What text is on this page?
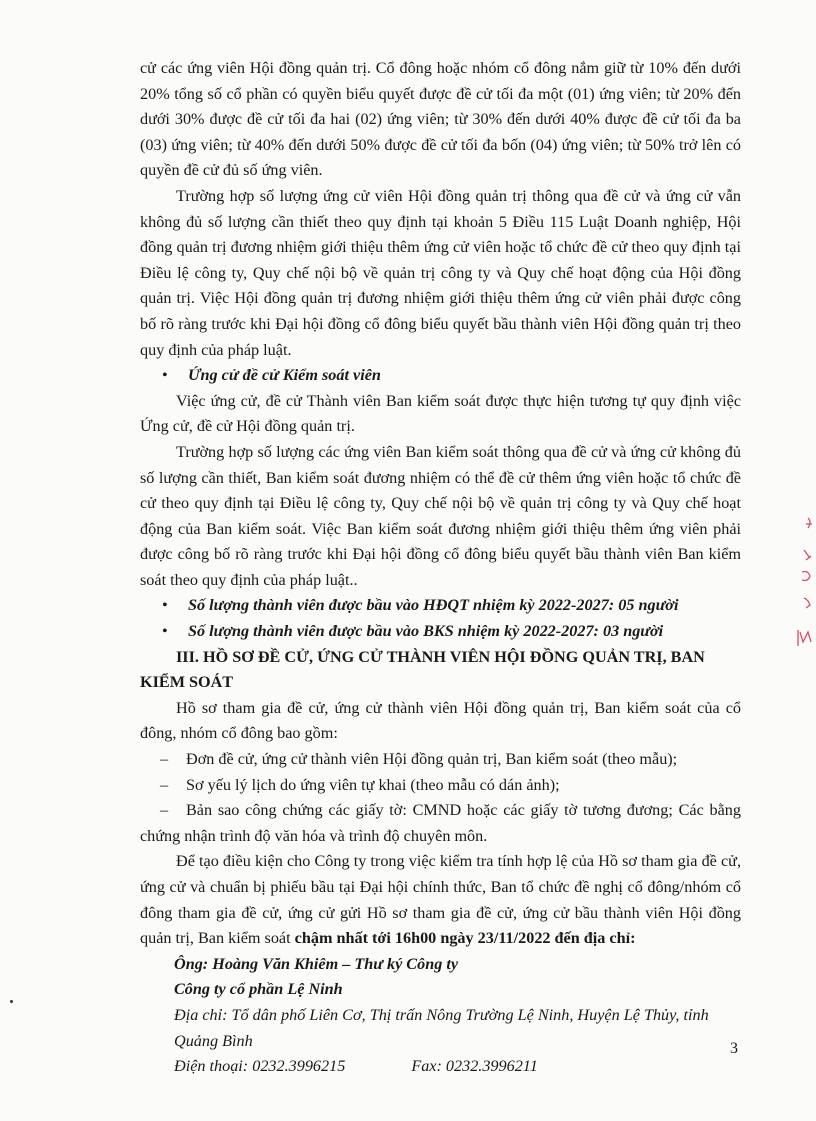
cử các ứng viên Hội đồng quản trị. Cổ đông hoặc nhóm cổ đông nắm giữ từ 10% đến dưới 20% tổng số cổ phần có quyền biểu quyết được đề cử tối đa một (01) ứng viên; từ 20% đến dưới 30% được đề cử tối đa hai (02) ứng viên; từ 30% đến dưới 40% được đề cử tối đa ba (03) ứng viên; từ 40% đến dưới 50% được đề cử tối đa bốn (04) ứng viên; từ 50% trở lên có quyền đề cử đủ số ứng viên.

Trường hợp số lượng ứng cử viên Hội đồng quản trị thông qua đề cử và ứng cử vẫn không đủ số lượng cần thiết theo quy định tại khoản 5 Điều 115 Luật Doanh nghiệp, Hội đồng quản trị đương nhiệm giới thiệu thêm ứng cử viên hoặc tổ chức đề cử theo quy định tại Điều lệ công ty, Quy chế nội bộ về quản trị công ty và Quy chế hoạt động của Hội đồng quản trị. Việc Hội đồng quản trị đương nhiệm giới thiệu thêm ứng cử viên phải được công bố rõ ràng trước khi Đại hội đồng cổ đông biểu quyết bầu thành viên Hội đồng quản trị theo quy định của pháp luật.

• Ứng cử đề cử Kiểm soát viên

Việc ứng cử, đề cử Thành viên Ban kiểm soát được thực hiện tương tự quy định việc Ứng cử, đề cử Hội đồng quản trị.

Trường hợp số lượng các ứng viên Ban kiểm soát thông qua đề cử và ứng cử không đủ số lượng cần thiết, Ban kiểm soát đương nhiệm có thể đề cử thêm ứng viên hoặc tổ chức đề cử theo quy định tại Điều lệ công ty, Quy chế nội bộ về quản trị công ty và Quy chế hoạt động của Ban kiểm soát. Việc Ban kiểm soát đương nhiệm giới thiệu thêm ứng viên phải được công bố rõ ràng trước khi Đại hội đồng cổ đông biểu quyết bầu thành viên Ban kiểm soát theo quy định của pháp luật..

• Số lượng thành viên được bầu vào HĐQT nhiệm kỳ 2022-2027: 05 người

• Số lượng thành viên được bầu vào BKS nhiệm kỳ 2022-2027: 03 người

III. HỒ SƠ ĐỀ CỬ, ỨNG CỬ THÀNH VIÊN HỘI ĐỒNG QUẢN TRỊ, BAN KIỂM SOÁT

Hồ sơ tham gia đề cử, ứng cử thành viên Hội đồng quản trị, Ban kiểm soát của cổ đông, nhóm cổ đông bao gồm:

– Đơn đề cử, ứng cử thành viên Hội đồng quản trị, Ban kiểm soát (theo mẫu);

– Sơ yếu lý lịch do ứng viên tự khai (theo mẫu có dán ảnh);

– Bản sao công chứng các giấy tờ: CMND hoặc các giấy tờ tương đương; Các bằng chứng nhận trình độ văn hóa và trình độ chuyên môn.

Để tạo điều kiện cho Công ty trong việc kiểm tra tính hợp lệ của Hồ sơ tham gia đề cử, ứng cử và chuẩn bị phiếu bầu tại Đại hội chính thức, Ban tổ chức đề nghị cổ đông/nhóm cổ đông tham gia đề cử, ứng cử gửi Hồ sơ tham gia đề cử, ứng cử bầu thành viên Hội đồng quản trị, Ban kiểm soát chậm nhất tới 16h00 ngày 23/11/2022 đến địa chỉ:

Ông: Hoàng Văn Khiêm – Thư ký Công ty

Công ty cổ phần Lệ Ninh

Địa chỉ: Tổ dân phố Liên Cơ, Thị trấn Nông Trường Lệ Ninh, Huyện Lệ Thủy, tỉnh Quảng Bình

Điện thoại: 0232.3996215	Fax: 0232.3996211

3
